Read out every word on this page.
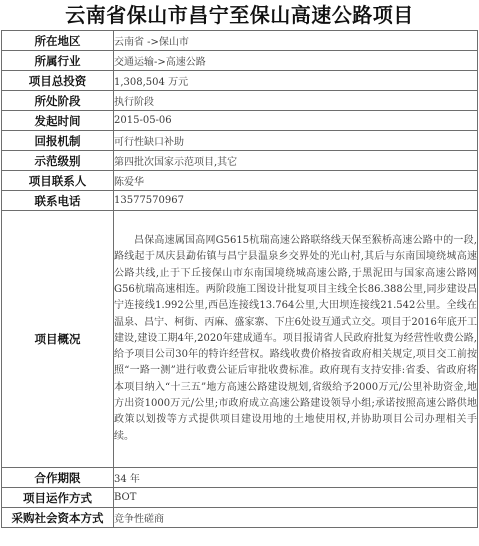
云南省保山市昌宁至保山高速公路项目
所在地区	云南省 ->保山市
所属行业	交通运输->高速公路
项目总投资	1,308,504 万元
所处阶段	执行阶段
发起时间	2015-05-06
回报机制	可行性缺口补助
示范级别	第四批次国家示范项目,其它
项目联系人	陈爱华
联系电话	13577570967
项目概况	昌保高速属国高网G5615杭瑞高速公路联络线天保至猴桥高速公路中的一段,路线起于凤庆县勐佑镇与昌宁县温泉乡交界处的光山村,其后与东南国境绕城高速公路共线,止于下丘接保山市东南国境绕城高速公路,于黑泥田与国家高速公路网G56杭瑞高速相连。两阶段施工图设计批复项目主线全长86.388公里,同步建设昌宁连接线1.992公里,西邑连接线13.764公里,大田坝连接线21.542公里。全线在温泉、昌宁、柯街、丙麻、盛家寨、下庄6处设互通式立交。项目于2016年底开工建设,建设工期4年,2020年建成通车。项目报请省人民政府批复为经营性收费公路,给予项目公司30年的特许经营权。路线收费价格按省政府相关规定,项目交工前按照“一路一测”进行收费公证后审批收费标准。政府现有支持安排:省委、省政府将本项目纳入“十三五”地方高速公路建设规划,省级给予2000万元/公里补助资金,地方出资1000万元/公里;市政府成立高速公路建设领导小组;承诺按照高速公路供地政策以划拨等方式提供项目建设用地的土地使用权,并协助项目公司办理相关手续。

合作期限	34 年
项目运作方式	BOT
采购社会资本方式	竞争性磋商
